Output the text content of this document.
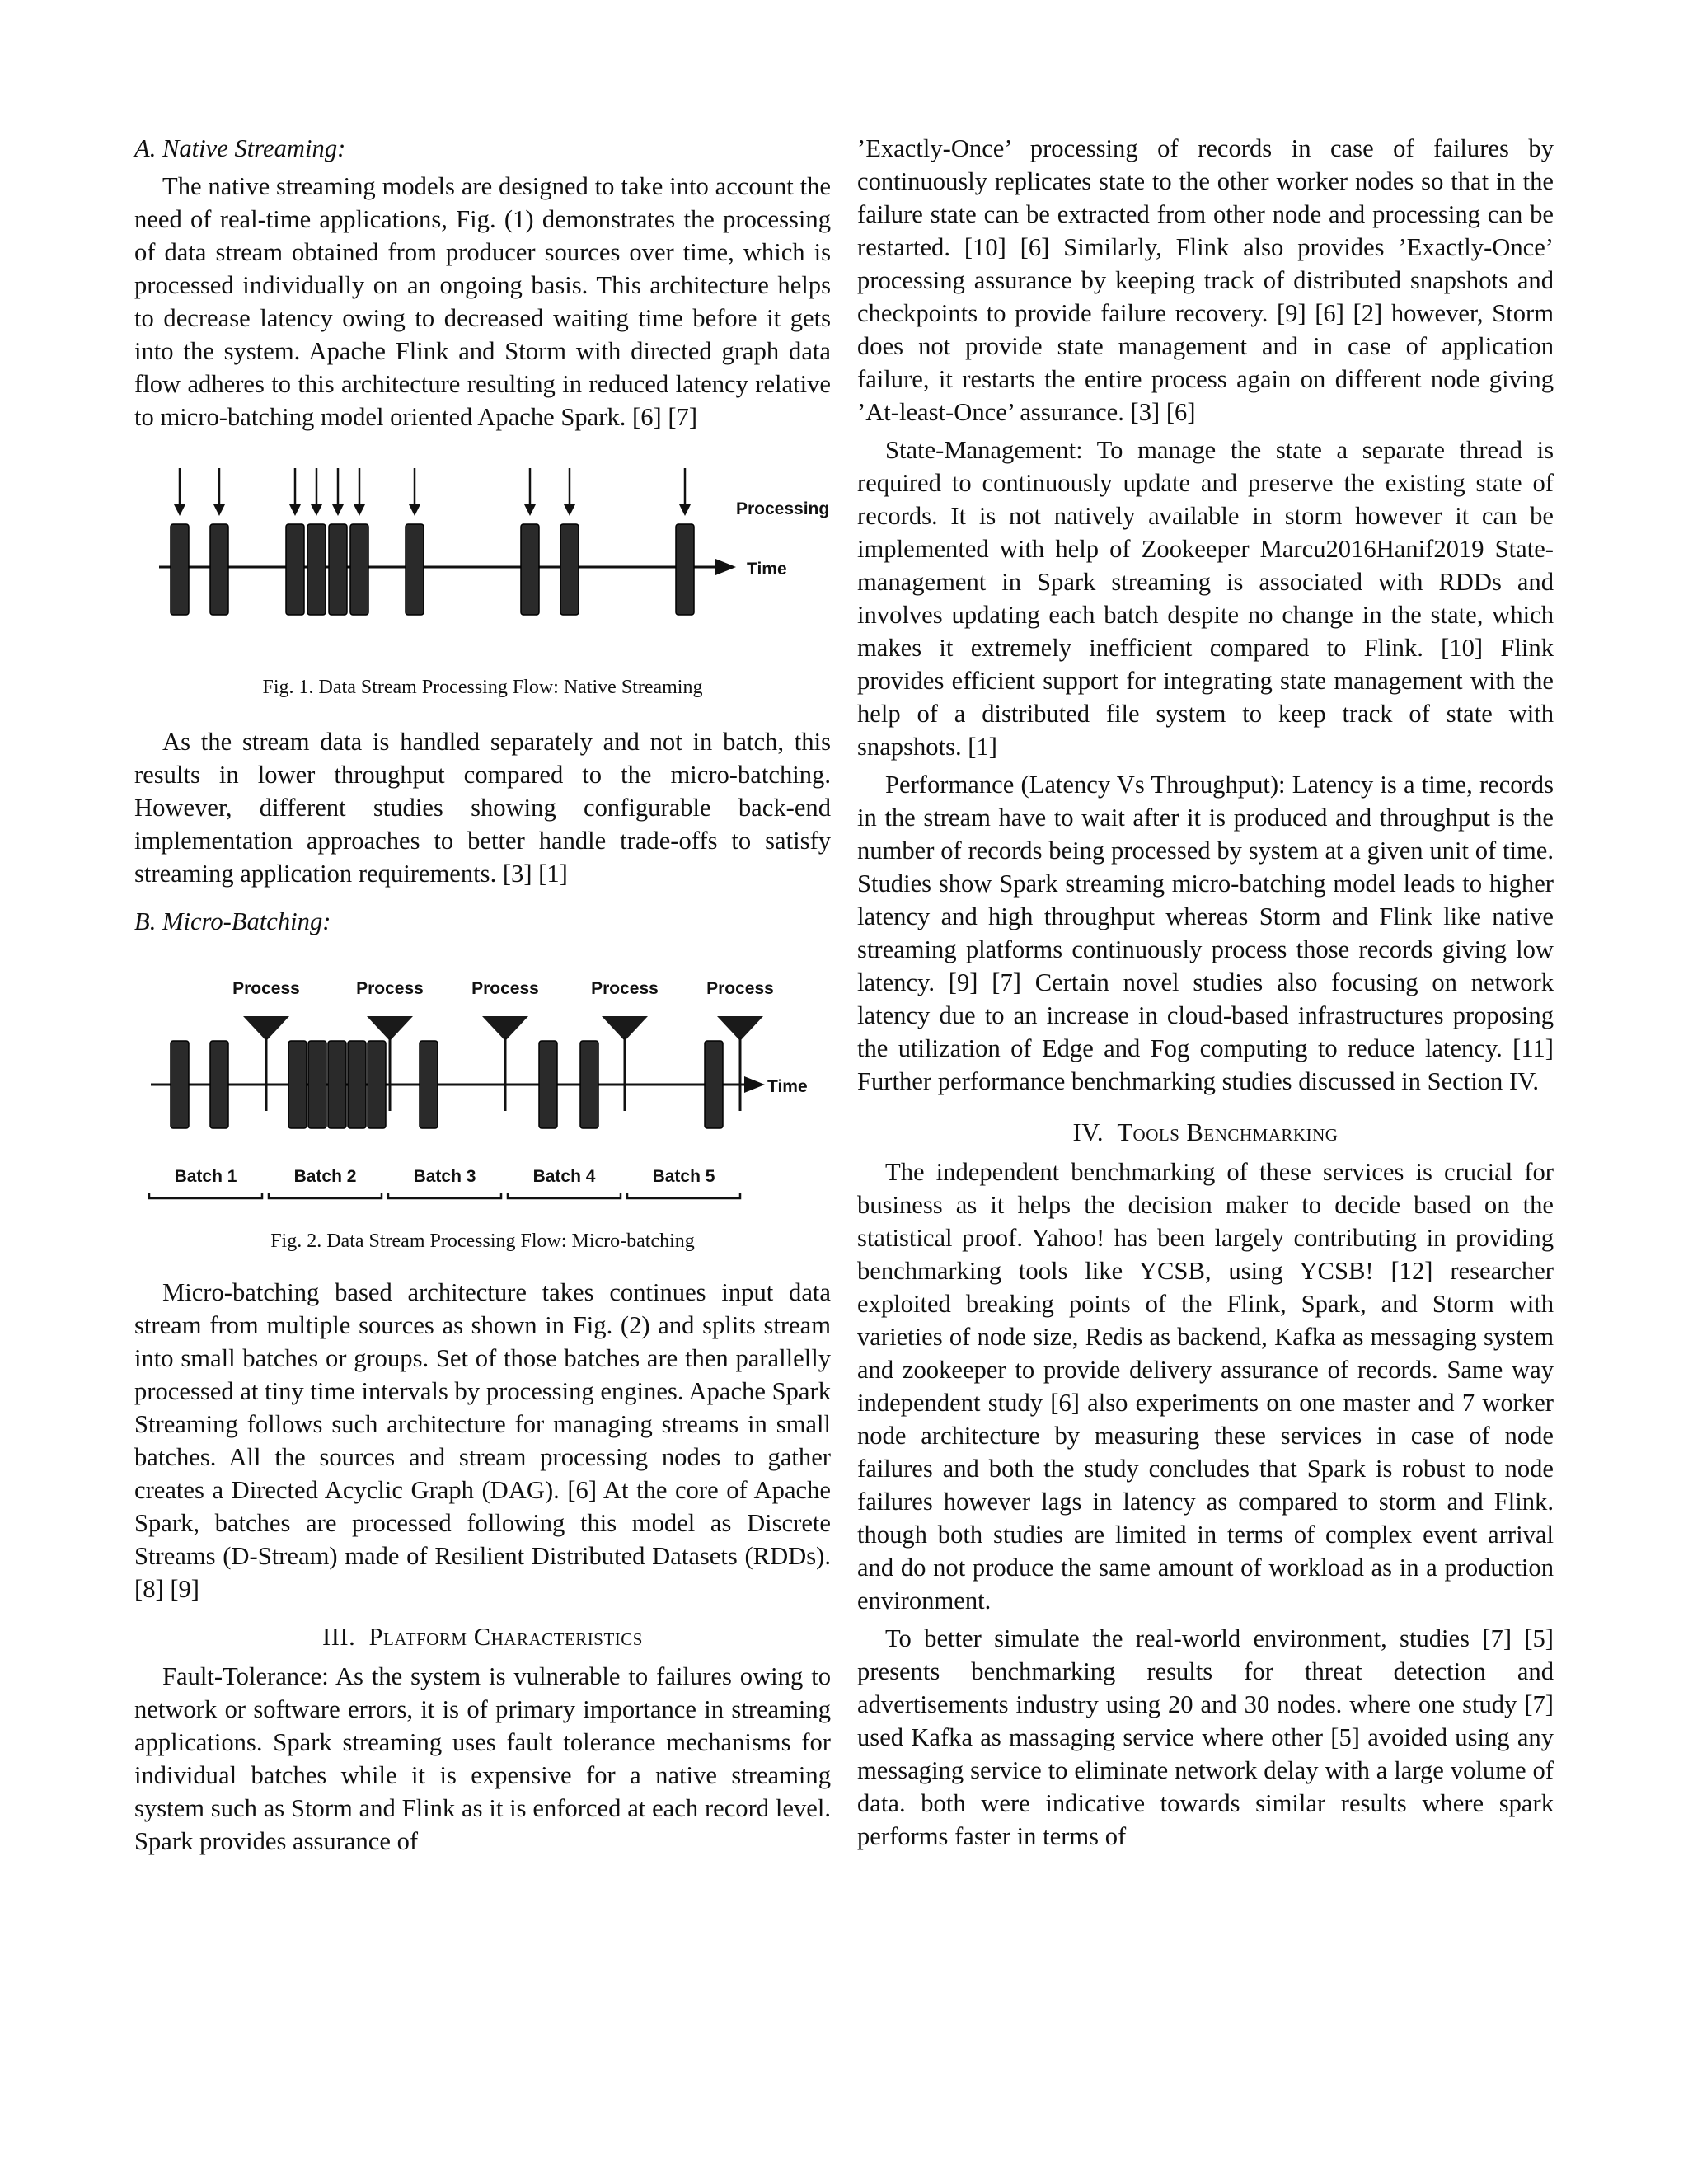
A. Native Streaming:

The native streaming models are designed to take into account the need of real-time applications, Fig. (1) demonstrates the processing of data stream obtained from producer sources over time, which is processed individually on an ongoing basis. This architecture helps to decrease latency owing to decreased waiting time before it gets into the system. Apache Flink and Storm with directed graph data flow adheres to this architecture resulting in reduced latency relative to micro-batching model oriented Apache Spark. [6] [7]

Processing
Time

Fig. 1. Data Stream Processing Flow: Native Streaming

As the stream data is handled separately and not in batch, this results in lower throughput compared to the micro-batching. However, different studies showing configurable back-end implementation approaches to better handle trade-offs to satisfy streaming application requirements. [3] [1]

B. Micro-Batching:

Time
Process	Process	Process	Process	Process
Batch 1	Batch 2	Batch 3	Batch 4	Batch 5

Fig. 2. Data Stream Processing Flow: Micro-batching

Micro-batching based architecture takes continues input data stream from multiple sources as shown in Fig. (2) and splits stream into small batches or groups. Set of those batches are then parallelly processed at tiny time intervals by processing engines. Apache Spark Streaming follows such architecture for managing streams in small batches. All the sources and stream processing nodes to gather creates a Directed Acyclic Graph (DAG). [6] At the core of Apache Spark, batches are processed following this model as Discrete Streams (D-Stream) made of Resilient Distributed Datasets (RDDs). [8] [9]

III. Platform Characteristics

Fault-Tolerance: As the system is vulnerable to failures owing to network or software errors, it is of primary importance in streaming applications. Spark streaming uses fault tolerance mechanisms for individual batches while it is expensive for a native streaming system such as Storm and Flink as it is enforced at each record level. Spark provides assurance of

’Exactly-Once’ processing of records in case of failures by continuously replicates state to the other worker nodes so that in the failure state can be extracted from other node and processing can be restarted. [10] [6] Similarly, Flink also provides ’Exactly-Once’ processing assurance by keeping track of distributed snapshots and checkpoints to provide failure recovery. [9] [6] [2] however, Storm does not provide state management and in case of application failure, it restarts the entire process again on different node giving ’At-least-Once’ assurance. [3] [6]

State-Management: To manage the state a separate thread is required to continuously update and preserve the existing state of records. It is not natively available in storm however it can be implemented with help of Zookeeper Marcu2016Hanif2019 State-management in Spark streaming is associated with RDDs and involves updating each batch despite no change in the state, which makes it extremely inefficient compared to Flink. [10] Flink provides efficient support for integrating state management with the help of a distributed file system to keep track of state with snapshots. [1]

Performance (Latency Vs Throughput): Latency is a time, records in the stream have to wait after it is produced and throughput is the number of records being processed by system at a given unit of time. Studies show Spark streaming micro-batching model leads to higher latency and high throughput whereas Storm and Flink like native streaming platforms continuously process those records giving low latency. [9] [7] Certain novel studies also focusing on network latency due to an increase in cloud-based infrastructures proposing the utilization of Edge and Fog computing to reduce latency. [11] Further performance benchmarking studies discussed in Section IV.

IV. Tools Benchmarking

The independent benchmarking of these services is crucial for business as it helps the decision maker to decide based on the statistical proof. Yahoo! has been largely contributing in providing benchmarking tools like YCSB, using YCSB! [12] researcher exploited breaking points of the Flink, Spark, and Storm with varieties of node size, Redis as backend, Kafka as messaging system and zookeeper to provide delivery assurance of records. Same way independent study [6] also experiments on one master and 7 worker node architecture by measuring these services in case of node failures and both the study concludes that Spark is robust to node failures however lags in latency as compared to storm and Flink. though both studies are limited in terms of complex event arrival and do not produce the same amount of workload as in a production environment.

To better simulate the real-world environment, studies [7] [5] presents benchmarking results for threat detection and advertisements industry using 20 and 30 nodes. where one study [7] used Kafka as massaging service where other [5] avoided using any messaging service to eliminate network delay with a large volume of data. both were indicative towards similar results where spark performs faster in terms of
